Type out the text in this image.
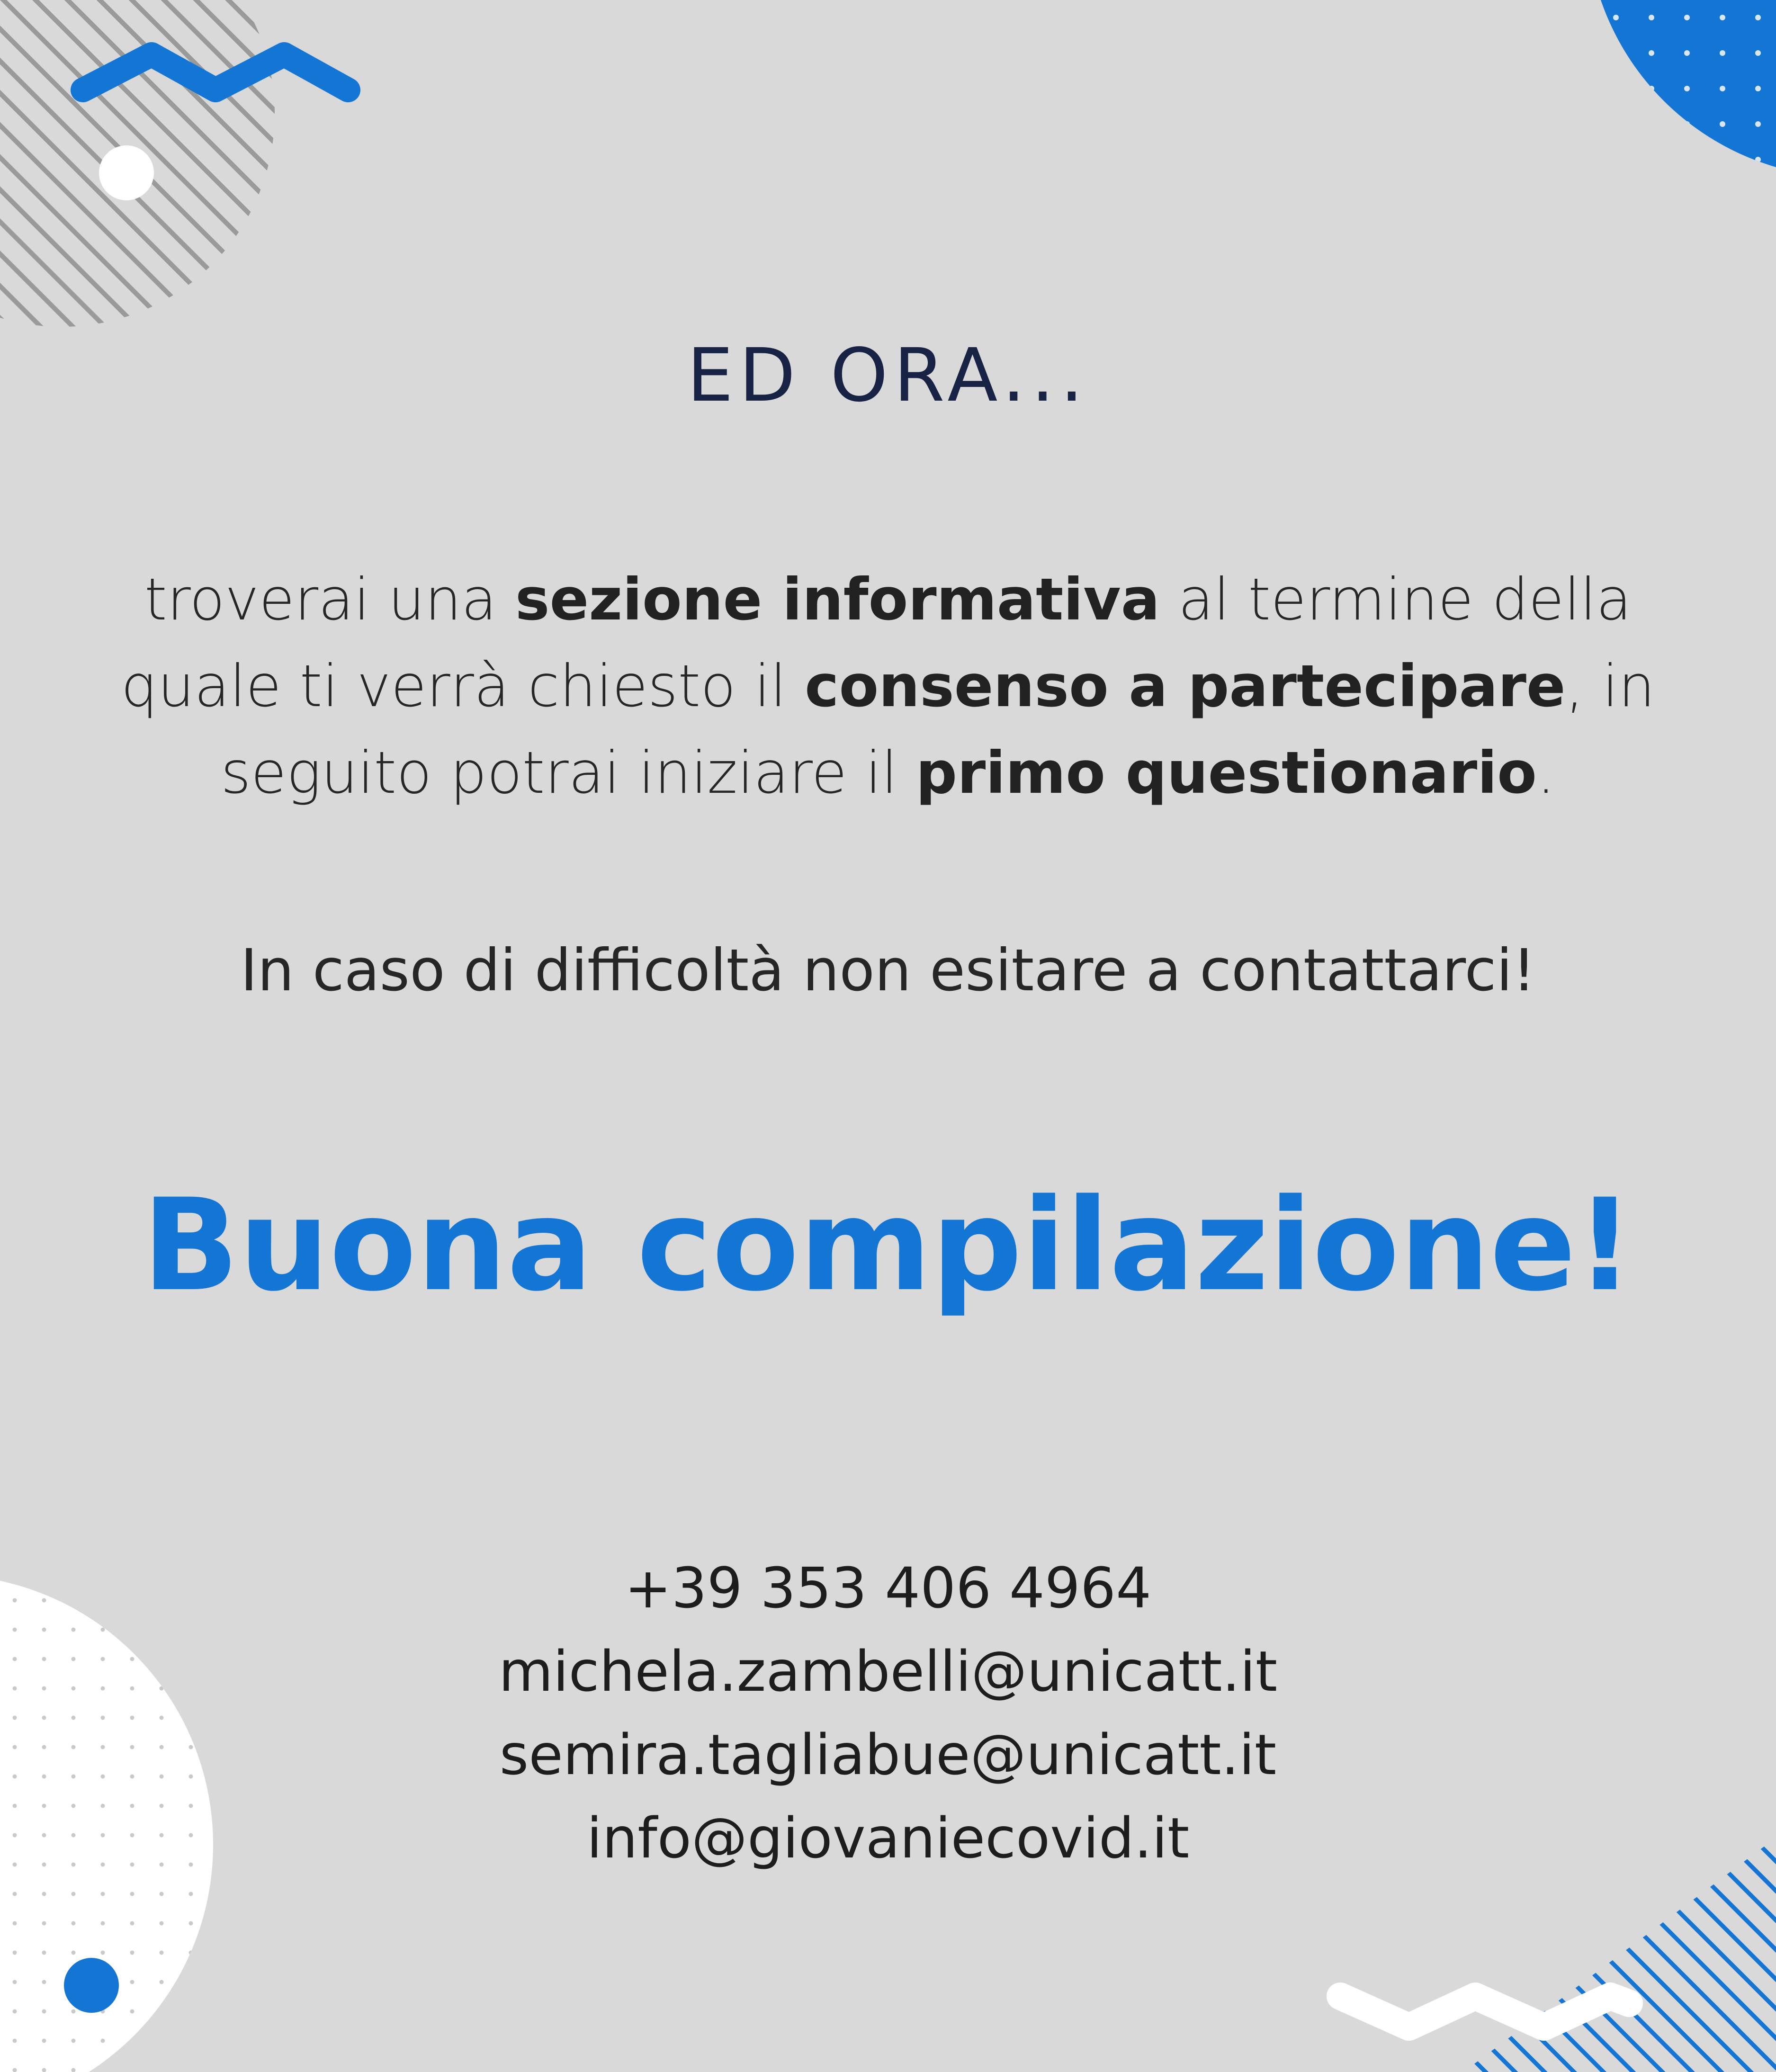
ED ORA...

troverai una sezione informativa al termine della quale ti verrà chiesto il consenso a partecipare, in seguito potrai iniziare il primo questionario.

In caso di difficoltà non esitare a contattarci!

Buona compilazione!
+39 353 406 4964
michela.zambelli@unicatt.it
semira.tagliabue@unicatt.it
info@giovaniecovid.it
